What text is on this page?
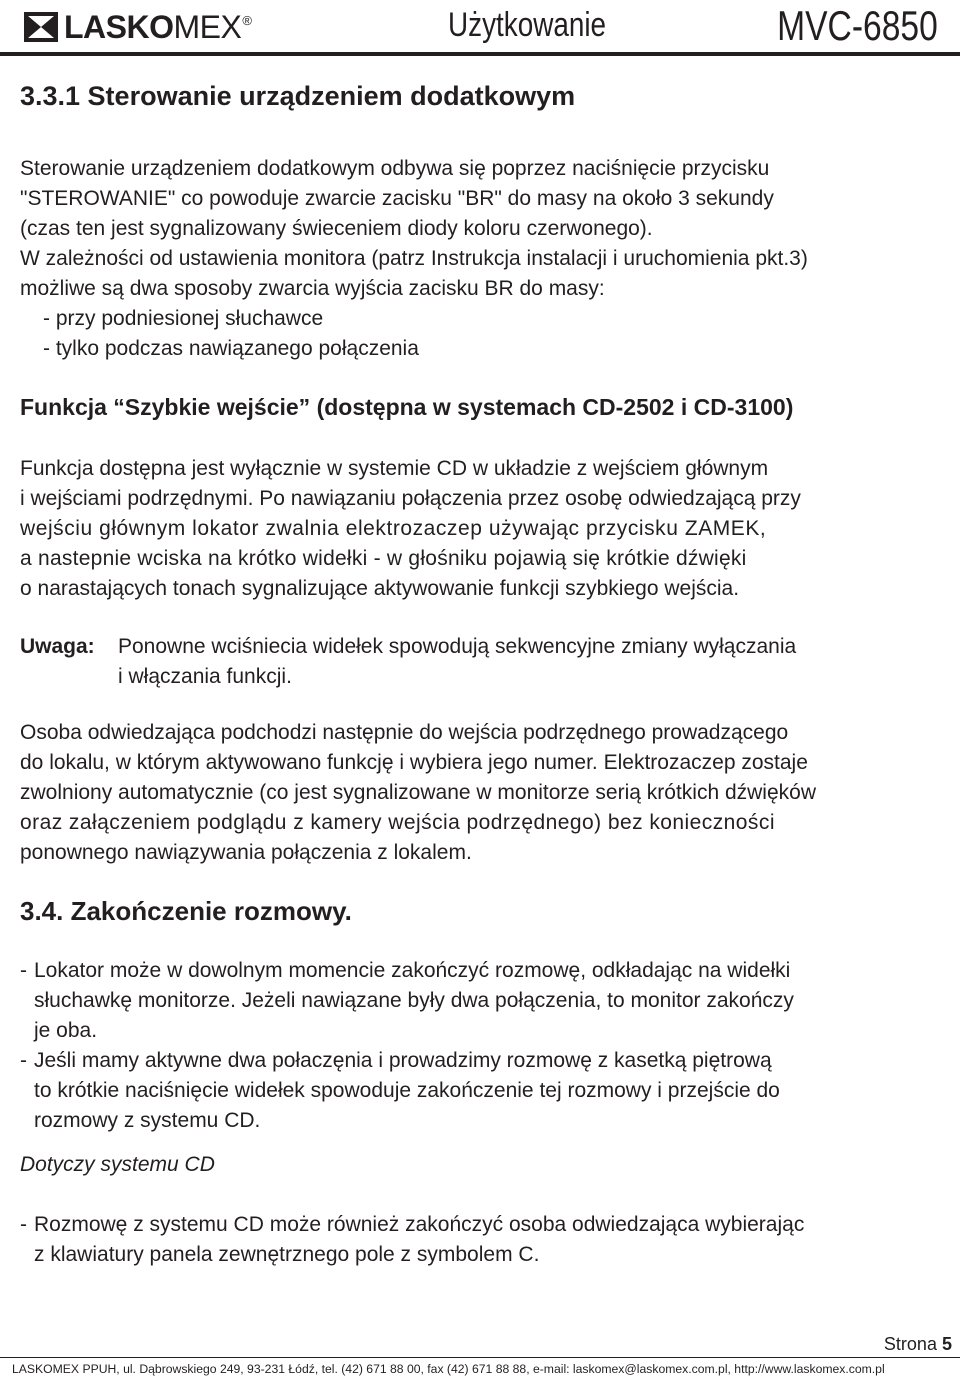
LASKOMEX®	Użytkowanie	MVC-6850
3.3.1 Sterowanie urządzeniem dodatkowym

Sterowanie urządzeniem dodatkowym odbywa się poprzez naciśnięcie przycisku

"STEROWANIE" co powoduje zwarcie zacisku "BR" do masy na około 3 sekundy

(czas ten jest sygnalizowany świeceniem diody koloru czerwonego).

W zależności od ustawienia monitora (patrz Instrukcja instalacji i uruchomienia pkt.3)

możliwe są dwa sposoby zwarcia wyjścia zacisku BR do masy:

- przy podniesionej słuchawce

- tylko podczas nawiązanego połączenia

Funkcja “Szybkie wejście” (dostępna w systemach CD-2502 i CD-3100)

Funkcja dostępna jest wyłącznie w systemie CD w układzie z wejściem głównym

i wejściami podrzędnymi. Po nawiązaniu połączenia przez osobę odwiedzającą przy

wejściu głównym lokator zwalnia elektrozaczep używając przycisku ZAMEK,

a nastepnie wciska na krótko widełki - w głośniku pojawią się krótkie dźwięki

o narastających tonach sygnalizujące aktywowanie funkcji szybkiego wejścia.

Uwaga:	Ponowne wciśniecia widełek spowodują sekwencyjne zmiany wyłączania

i włączania funkcji.

Osoba odwiedzająca podchodzi następnie do wejścia podrzędnego prowadzącego

do lokalu, w którym aktywowano funkcję i wybiera jego numer. Elektrozaczep zostaje

zwolniony automatycznie (co jest sygnalizowane w monitorze serią krótkich dźwięków

oraz załączeniem podglądu z kamery wejścia podrzędnego) bez konieczności

ponownego nawiązywania połączenia z lokalem.

3.4. Zakończenie rozmowy.
- Lokator może w dowolnym momencie zakończyć rozmowę, odkładając na widełki

słuchawkę monitorze. Jeżeli nawiązane były dwa połączenia, to monitor zakończy

je oba.

- Jeśli mamy aktywne dwa połaczęnia i prowadzimy rozmowę z kasetką piętrową

to krótkie naciśnięcie widełek spowoduje zakończenie tej rozmowy i przejście do

rozmowy z systemu CD.

Dotyczy systemu CD
- Rozmowę z systemu CD może również zakończyć osoba odwiedzająca wybierając

z klawiatury panela zewnętrznego pole z symbolem C.

Strona 5
LASKOMEX PPUH, ul. Dąbrowskiego 249, 93-231 Łódź, tel. (42) 671 88 00, fax (42) 671 88 88, e-mail: laskomex@laskomex.com.pl, http://www.laskomex.com.pl
